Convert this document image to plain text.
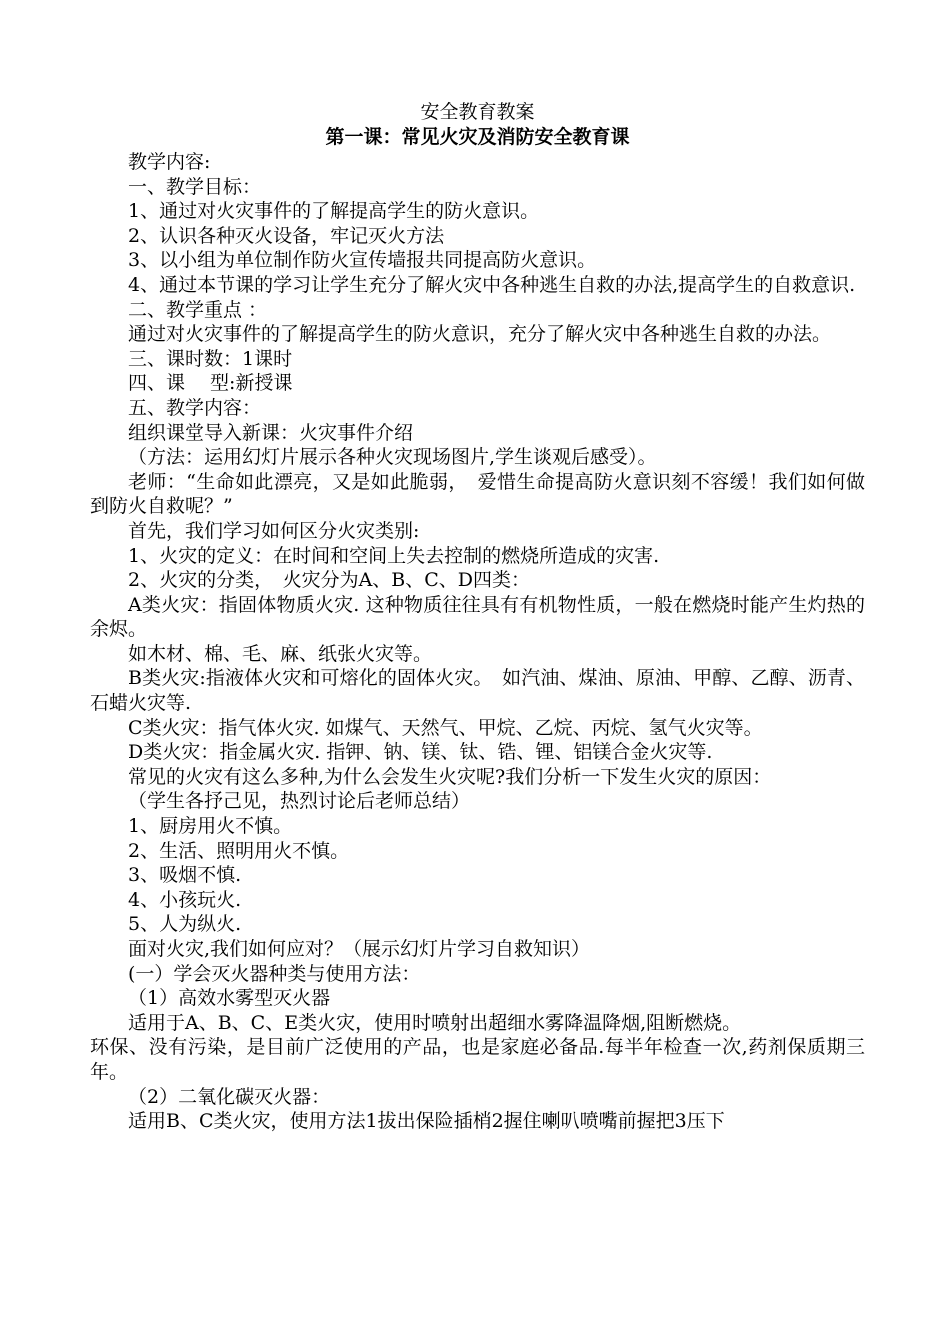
安全教育教案
第一课：常见火灾及消防安全教育课

教学内容:

一、教学目标：

1、通过对火灾事件的了解提高学生的防火意识。

2、认识各种灭火设备，牢记灭火方法

3、以小组为单位制作防火宣传墙报共同提高防火意识。

4、通过本节课的学习让学生充分了解火灾中各种逃生自救的办法,提高学生的自救意识.

二、教学重点 ：

通过对火灾事件的了解提高学生的防火意识，充分了解火灾中各种逃生自救的办法。

三、课时数：1课时

四、课　 型:新授课

五、教学内容：

组织课堂导入新课：火灾事件介绍

（方法：运用幻灯片展示各种火灾现场图片,学生谈观后感受）。

老师：“生命如此漂亮，又是如此脆弱，　爱惜生命提高防火意识刻不容缓！我们如何做到防火自救呢？”

首先，我们学习如何区分火灾类别:

1、火灾的定义：在时间和空间上失去控制的燃烧所造成的灾害.

2、火灾的分类，　火灾分为A、B、C、D四类：

A类火灾：指固体物质火灾. 这种物质往往具有有机物性质，一般在燃烧时能产生灼热的余烬。

如木材、棉、毛、麻、纸张火灾等。

B类火灾:指液体火灾和可熔化的固体火灾。　如汽油、煤油、原油、甲醇、乙醇、沥青、石蜡火灾等.

C类火灾：指气体火灾. 如煤气、天然气、甲烷、乙烷、丙烷、氢气火灾等。

D类火灾：指金属火灾. 指钾、钠、镁、钛、锆、锂、铝镁合金火灾等.

常见的火灾有这么多种,为什么会发生火灾呢?我们分析一下发生火灾的原因：

（学生各抒己见，热烈讨论后老师总结）

1、厨房用火不慎。

2、生活、照明用火不慎。

3、吸烟不慎.

4、小孩玩火.

5、人为纵火.

面对火灾,我们如何应对？（展示幻灯片学习自救知识）

(一）学会灭火器种类与使用方法：

（1）高效水雾型灭火器

适用于A、B、C、E类火灾，使用时喷射出超细水雾降温降烟,阻断燃烧。

环保、没有污染，是目前广泛使用的产品，也是家庭必备品.每半年检查一次,药剂保质期三年。

（2）二氧化碳灭火器：

适用B、C类火灾，使用方法1拔出保险插梢2握住喇叭喷嘴前握把3压下
